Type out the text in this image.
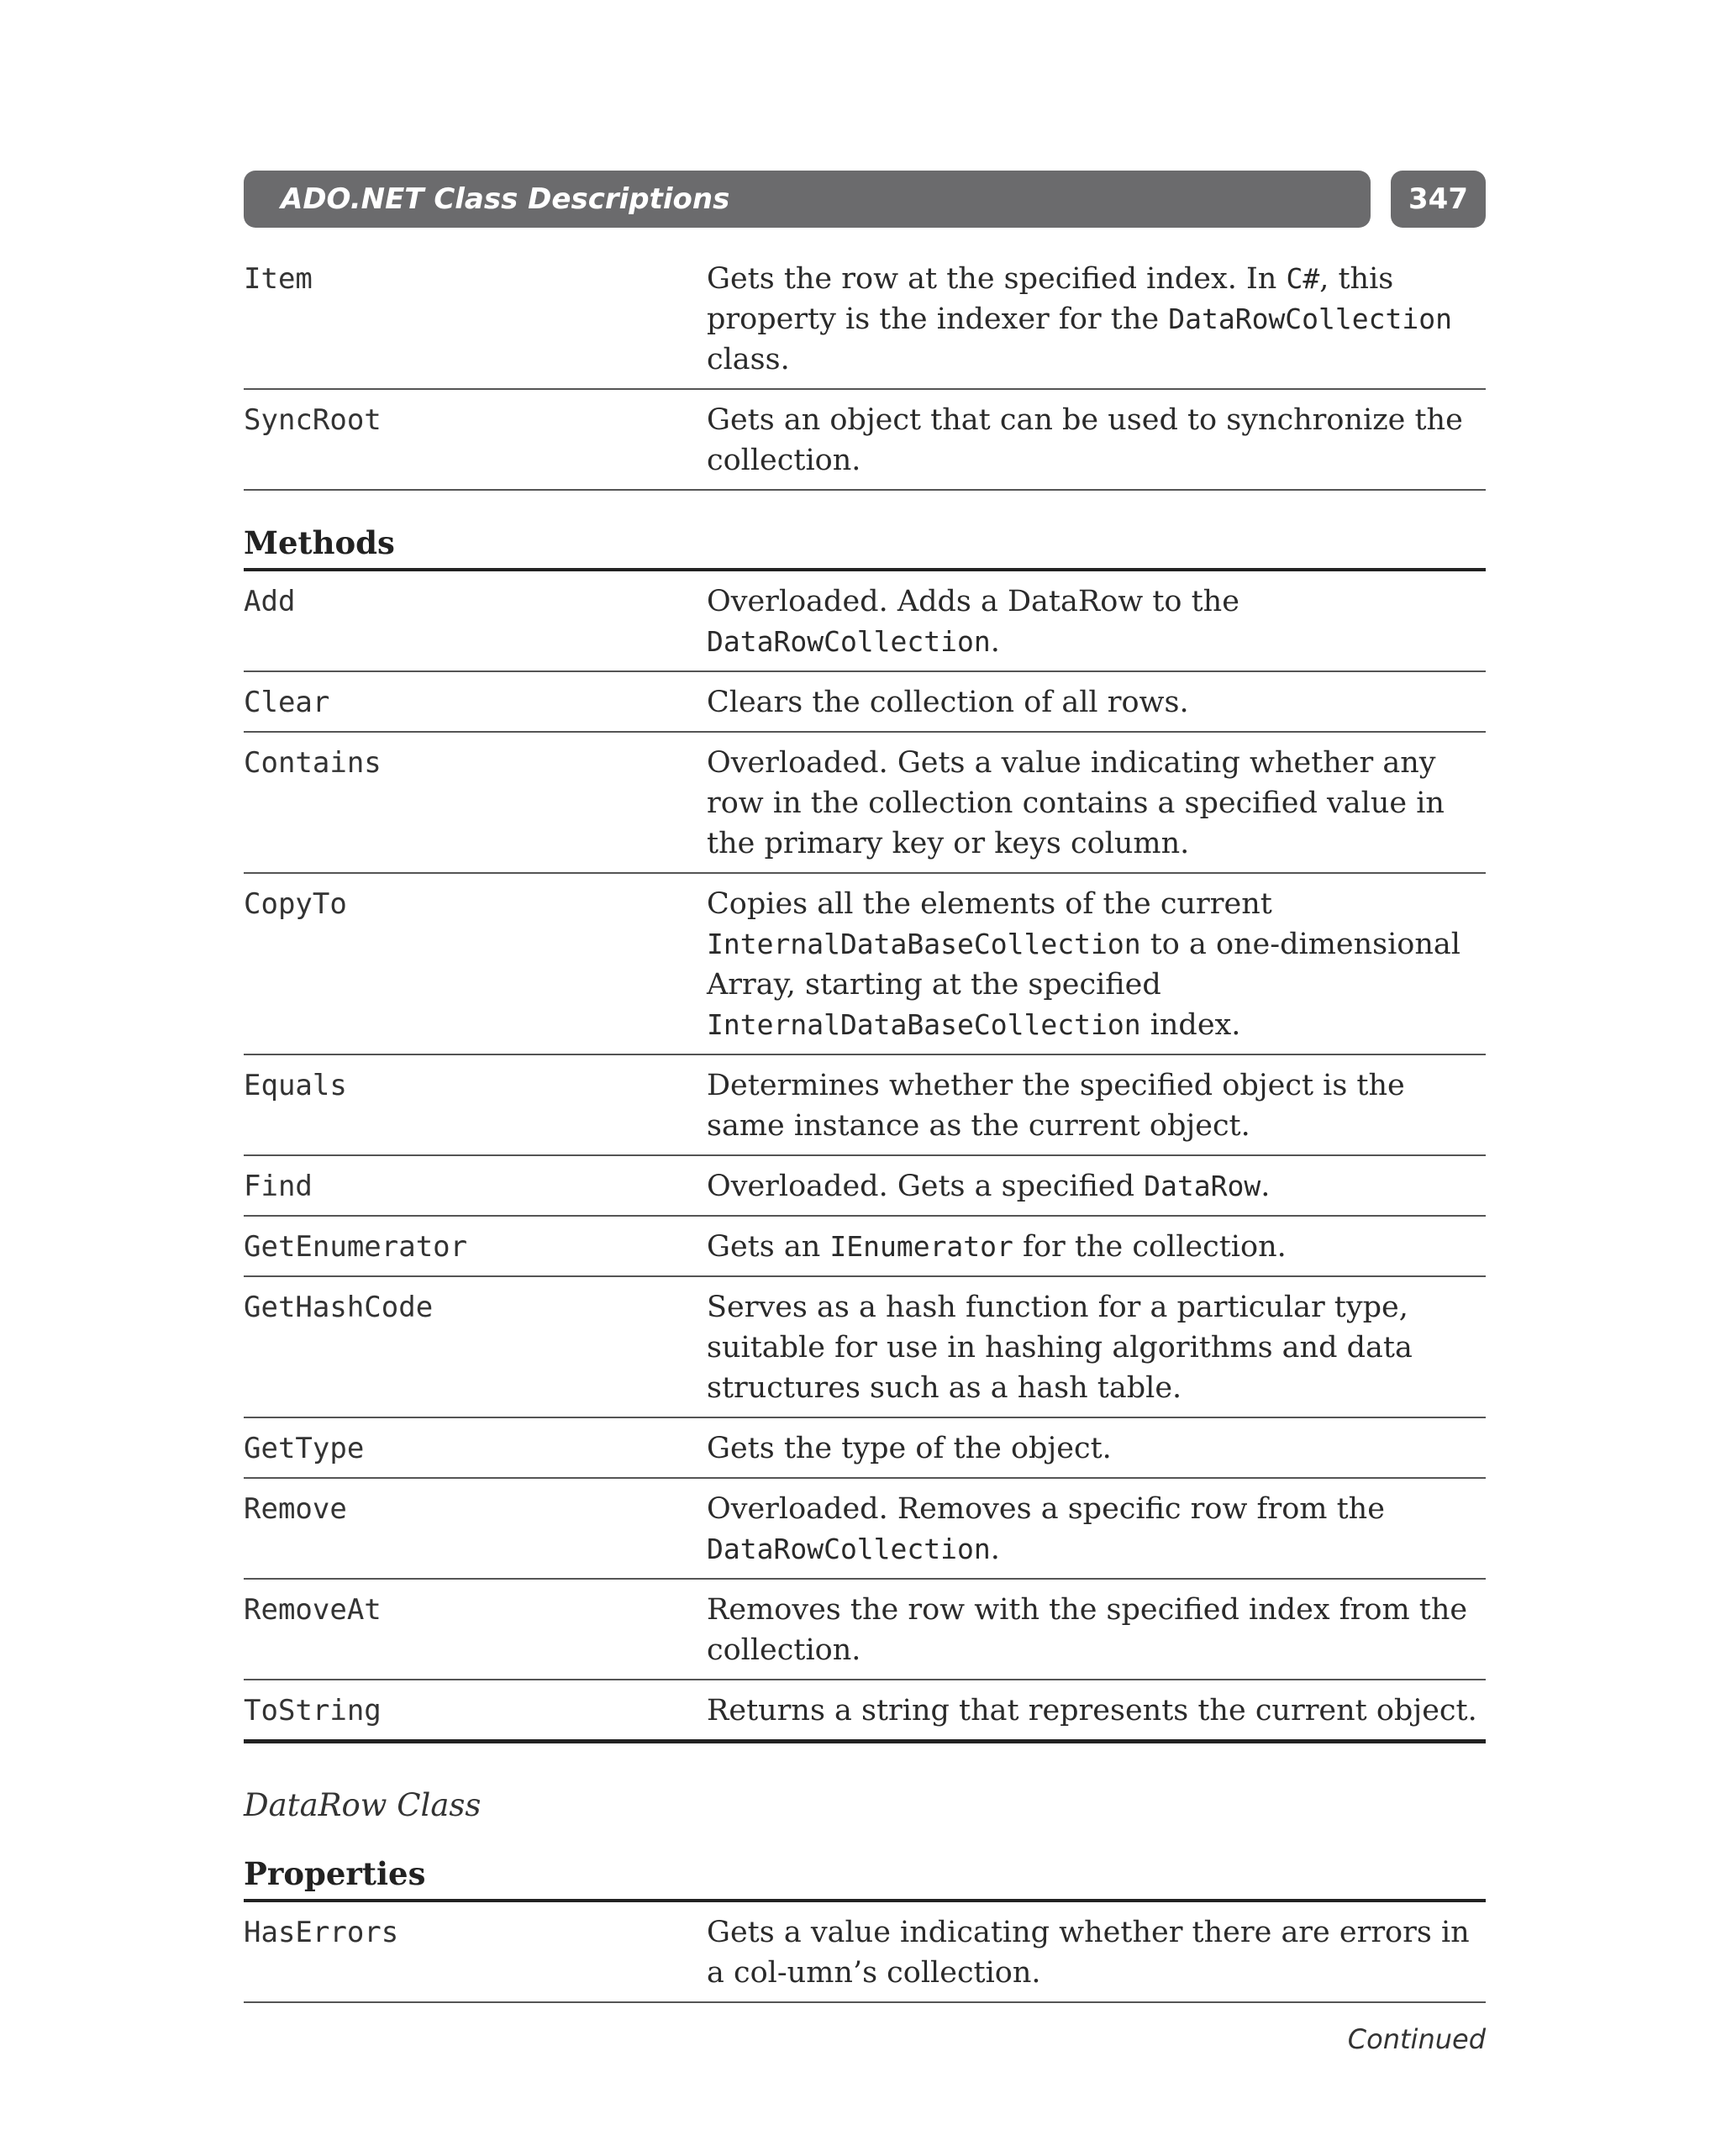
ADO.NET Class Descriptions	347
Item	Gets the row at the specified index. In C#, this property is the indexer for the DataRowCollection class.
SyncRoot	Gets an object that can be used to synchronize the collection.
Methods
Add	Overloaded. Adds a DataRow to the DataRowCollection.
Clear	Clears the collection of all rows.
Contains	Overloaded. Gets a value indicating whether any row in the collection contains a specified value in the primary key or keys column.
CopyTo	Copies all the elements of the current InternalDataBaseCollection to a one-dimensional Array, starting at the specified InternalDataBaseCollection index.
Equals	Determines whether the specified object is the same instance as the current object.
Find	Overloaded. Gets a specified DataRow.
GetEnumerator	Gets an IEnumerator for the collection.
GetHashCode	Serves as a hash function for a particular type, suitable for use in hashing algorithms and data structures such as a hash table.
GetType	Gets the type of the object.
Remove	Overloaded. Removes a specific row from the DataRowCollection.
RemoveAt	Removes the row with the specified index from the collection.
ToString	Returns a string that represents the current object.
DataRow Class
Properties
HasErrors	Gets a value indicating whether there are errors in a col-umn’s collection.
Continued
